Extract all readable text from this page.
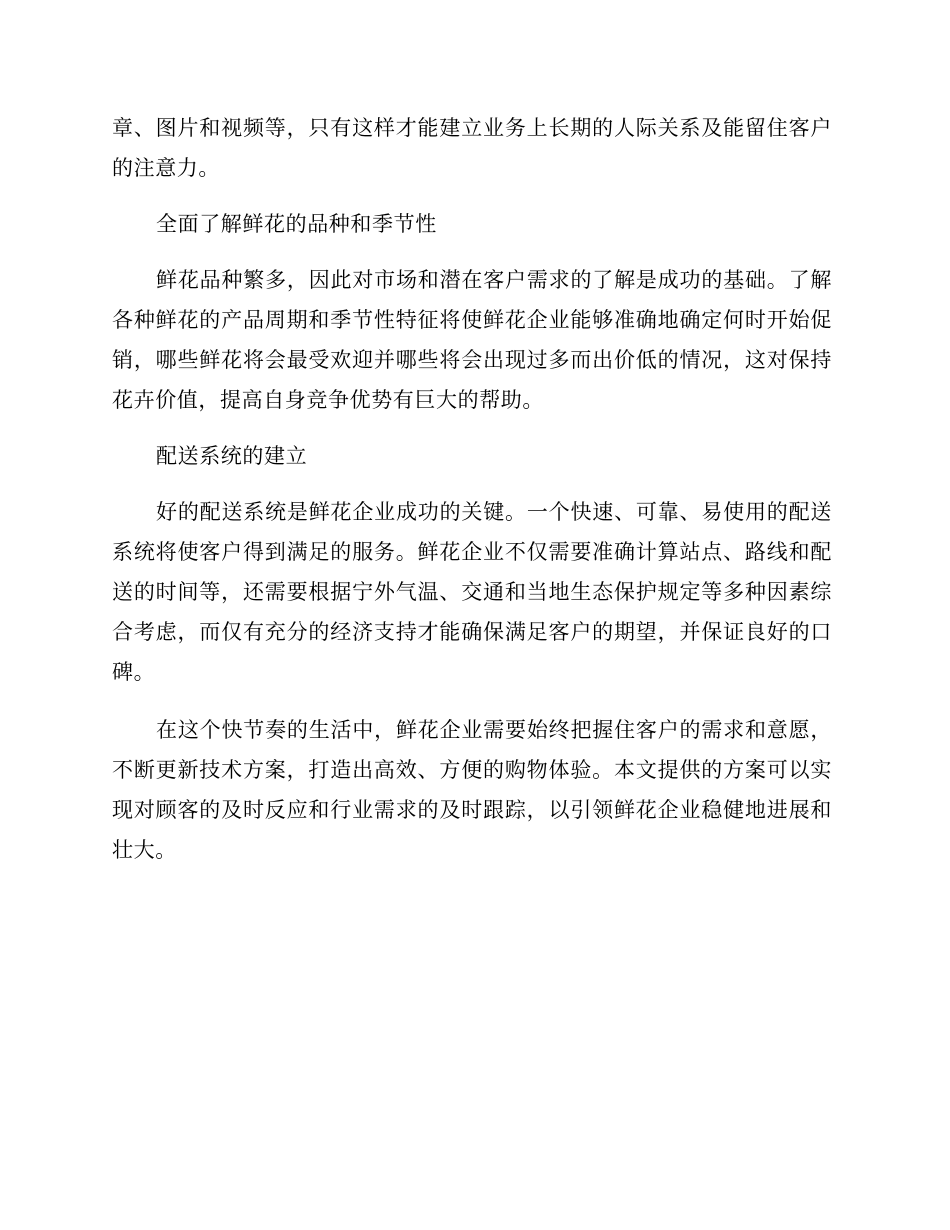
章、图片和视频等，只有这样才能建立业务上长期的人际关系及能留住客户的注意力。

全面了解鲜花的品种和季节性

鲜花品种繁多，因此对市场和潜在客户需求的了解是成功的基础。了解各种鲜花的产品周期和季节性特征将使鲜花企业能够准确地确定何时开始促销，哪些鲜花将会最受欢迎并哪些将会出现过多而出价低的情况，这对保持花卉价值，提高自身竞争优势有巨大的帮助。

配送系统的建立

好的配送系统是鲜花企业成功的关键。一个快速、可靠、易使用的配送系统将使客户得到满足的服务。鲜花企业不仅需要准确计算站点、路线和配送的时间等，还需要根据宁外气温、交通和当地生态保护规定等多种因素综合考虑，而仅有充分的经济支持才能确保满足客户的期望，并保证良好的口碑。

在这个快节奏的生活中，鲜花企业需要始终把握住客户的需求和意愿，不断更新技术方案，打造出高效、方便的购物体验。本文提供的方案可以实现对顾客的及时反应和行业需求的及时跟踪，以引领鲜花企业稳健地进展和壮大。
